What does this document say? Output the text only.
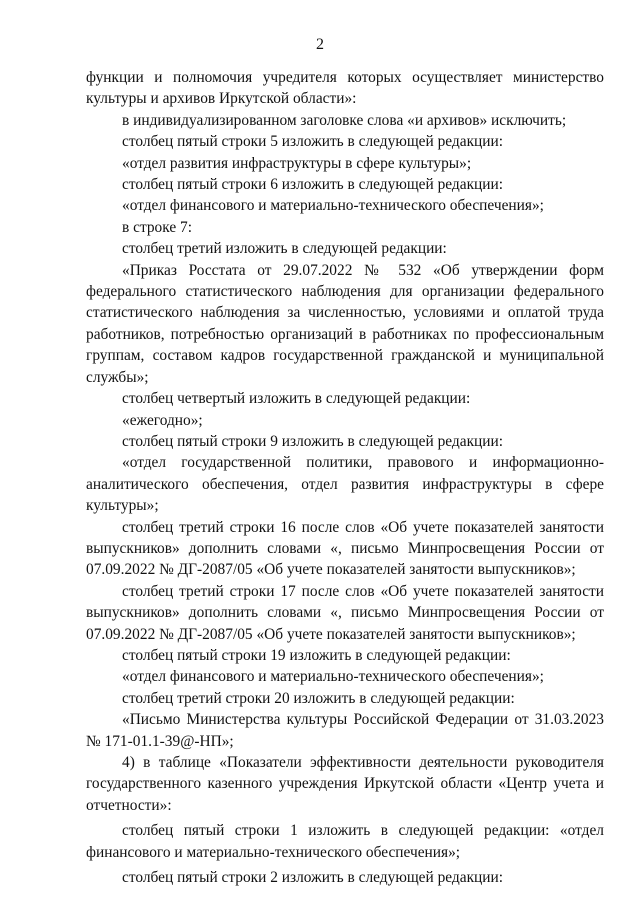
2

функции и полномочия учредителя которых осуществляет министерство культуры и архивов Иркутской области»:

в индивидуализированном заголовке слова «и архивов» исключить;

столбец пятый строки 5 изложить в следующей редакции:

«отдел развития инфраструктуры в сфере культуры»;

столбец пятый строки 6 изложить в следующей редакции:

«отдел финансового и материально-технического обеспечения»;

в строке 7:

столбец третий изложить в следующей редакции:

«Приказ Росстата от 29.07.2022 № 532 «Об утверждении форм федерального статистического наблюдения для организации федерального статистического наблюдения за численностью, условиями и оплатой труда работников, потребностью организаций в работниках по профессиональным группам, составом кадров государственной гражданской и муниципальной службы»;

столбец четвертый изложить в следующей редакции:

«ежегодно»;

столбец пятый строки 9 изложить в следующей редакции:

«отдел государственной политики, правового и информационно-аналитического обеспечения, отдел развития инфраструктуры в сфере культуры»;

столбец третий строки 16 после слов «Об учете показателей занятости выпускников» дополнить словами «, письмо Минпросвещения России от 07.09.2022 № ДГ-2087/05 «Об учете показателей занятости выпускников»;

столбец третий строки 17 после слов «Об учете показателей занятости выпускников» дополнить словами «, письмо Минпросвещения России от 07.09.2022 № ДГ-2087/05 «Об учете показателей занятости выпускников»;

столбец пятый строки 19 изложить в следующей редакции:

«отдел финансового и материально-технического обеспечения»;

столбец третий строки 20 изложить в следующей редакции:

«Письмо Министерства культуры Российской Федерации от 31.03.2023 № 171-01.1-39@-НП»;

4) в таблице «Показатели эффективности деятельности руководителя государственного казенного учреждения Иркутской области «Центр учета и отчетности»:

столбец пятый строки 1 изложить в следующей редакции: «отдел финансового и материально-технического обеспечения»;

столбец пятый строки 2 изложить в следующей редакции:
